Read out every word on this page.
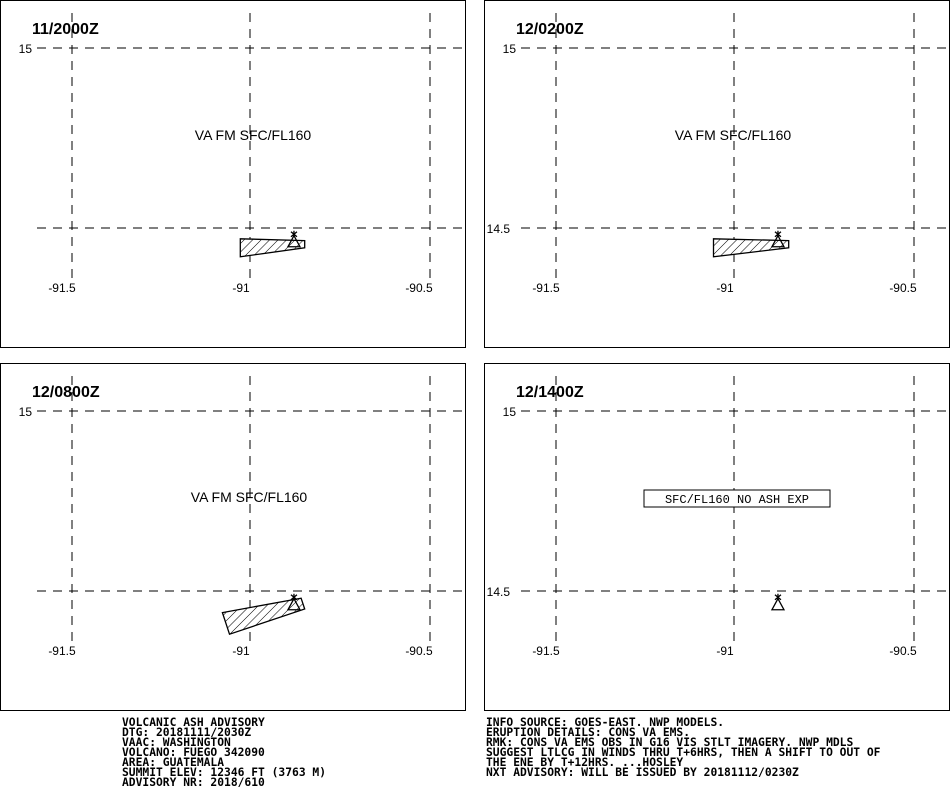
11/2000Z
15
-91.5	-91	-90.5
VA FM SFC/FL160
12/0200Z
15
14.5
-91.5	-91	-90.5
VA FM SFC/FL160
12/0800Z
15
-91.5	-91	-90.5
VA FM SFC/FL160
12/1400Z
15
14.5
-91.5	-91	-90.5
SFC/FL160 NO ASH EXP
VOLCANIC ASH ADVISORY
DTG: 20181111/2030Z
VAAC: WASHINGTON
VOLCANO: FUEGO 342090
AREA: GUATEMALA
SUMMIT ELEV: 12346 FT (3763 M)
ADVISORY NR: 2018/610
INFO SOURCE: GOES-EAST. NWP MODELS.
ERUPTION DETAILS: CONS VA EMS.
RMK: CONS VA EMS OBS IN G16 VIS STLT IMAGERY. NWP MDLS
SUGGEST LTLCG IN WINDS THRU T+6HRS, THEN A SHIFT TO OUT OF
THE ENE BY T+12HRS. ...HOSLEY
NXT ADVISORY: WILL BE ISSUED BY 20181112/0230Z
